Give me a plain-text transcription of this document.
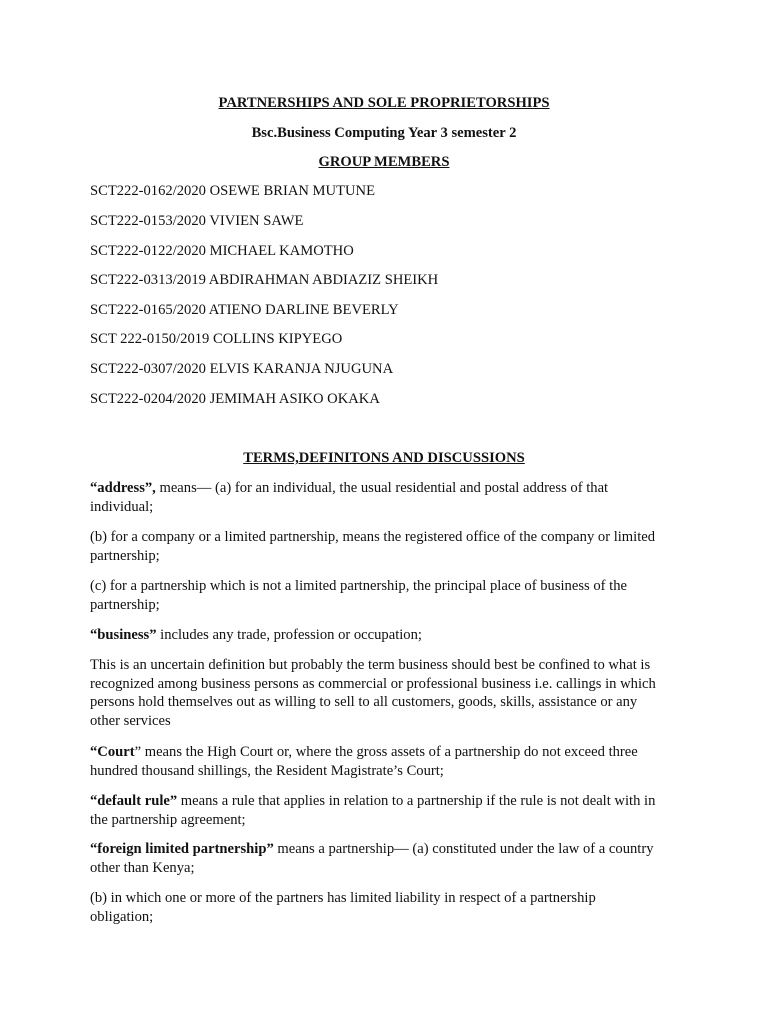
PARTNERSHIPS AND SOLE PROPRIETORSHIPS
Bsc.Business Computing Year 3 semester 2
GROUP MEMBERS
SCT222-0162/2020 OSEWE BRIAN MUTUNE
SCT222-0153/2020 VIVIEN SAWE
SCT222-0122/2020 MICHAEL KAMOTHO
SCT222-0313/2019 ABDIRAHMAN ABDIAZIZ SHEIKH
SCT222-0165/2020 ATIENO DARLINE BEVERLY
SCT 222-0150/2019 COLLINS KIPYEGO
SCT222-0307/2020 ELVIS KARANJA NJUGUNA
SCT222-0204/2020 JEMIMAH ASIKO OKAKA
TERMS,DEFINITONS AND DISCUSSIONS

“address”, means— (a) for an individual, the usual residential and postal address of that

individual;

(b) for a company or a limited partnership, means the registered office of the company or limited

partnership;

(c) for a partnership which is not a limited partnership, the principal place of business of the

partnership;

“business” includes any trade, profession or occupation;

This is an uncertain definition but probably the term business should best be confined to what is

recognized among business persons as commercial or professional business i.e. callings in which

persons hold themselves out as willing to sell to all customers, goods, skills, assistance or any

other services

“Court” means the High Court or, where the gross assets of a partnership do not exceed three

hundred thousand shillings, the Resident Magistrate’s Court;

“default rule” means a rule that applies in relation to a partnership if the rule is not dealt with in

the partnership agreement;

“foreign limited partnership” means a partnership— (a) constituted under the law of a country

other than Kenya;

(b) in which one or more of the partners has limited liability in respect of a partnership

obligation;
